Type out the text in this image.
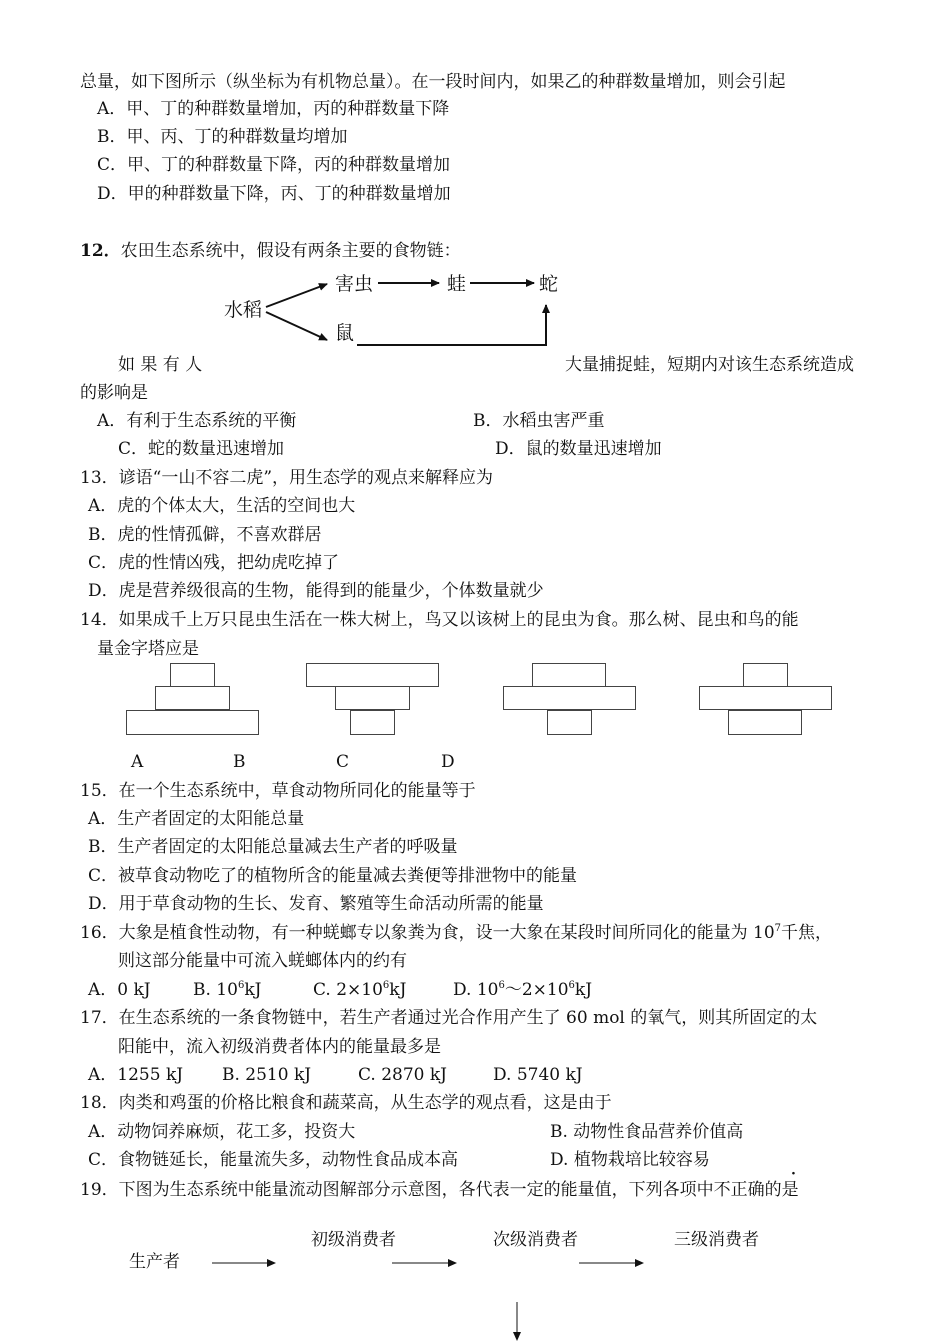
总量，如下图所示（纵坐标为有机物总量）。在一段时间内，如果乙的种群数量增加，则会引起
A．甲、丁的种群数量增加，丙的种群数量下降
B．甲、丙、丁的种群数量均增加
C．甲、丁的种群数量下降，丙的种群数量增加
D．甲的种群数量下降，丙、丁的种群数量增加
12．农田生态系统中，假设有两条主要的食物链：
水稻
害虫	蛙	蛇
鼠
如 果 有 人	大量捕捉蛙，短期内对该生态系统造成
的影响是
A．有利于生态系统的平衡	B．水稻虫害严重
C．蛇的数量迅速增加	D．鼠的数量迅速增加
13．谚语“一山不容二虎”，用生态学的观点来解释应为
A．虎的个体太大，生活的空间也大
B．虎的性情孤僻，不喜欢群居
C．虎的性情凶残，把幼虎吃掉了
D．虎是营养级很高的生物，能得到的能量少，个体数量就少
14．如果成千上万只昆虫生活在一株大树上，鸟又以该树上的昆虫为食。那么树、昆虫和鸟的能
量金字塔应是
A	B	C	D
15．在一个生态系统中，草食动物所同化的能量等于
A．生产者固定的太阳能总量
B．生产者固定的太阳能总量减去生产者的呼吸量
C．被草食动物吃了的植物所含的能量减去粪便等排泄物中的能量
D．用于草食动物的生长、发育、繁殖等生命活动所需的能量
16．大象是植食性动物，有一种蜣螂专以象粪为食，设一大象在某段时间所同化的能量为 $10^7$千焦，
则这部分能量中可流入蜣螂体内的约有
A．0 kJ B. $10^6kJ$	C. $2\times 10^6kJ$	D. $10^6\sim 2\times 10^6kJ$
17．在生态系统的一条食物链中，若生产者通过光合作用产生了 60 mol 的氧气，则其所固定的太
阳能中，流入初级消费者体内的能量最多是
A．1255 kJ B. 2510 kJ	C. 2870 kJ	D. 5740 kJ
18．肉类和鸡蛋的价格比粮食和蔬菜高，从生态学的观点看，这是由于
A．动物饲养麻烦，花工多，投资大	B. 动物性食品营养价值高
C．食物链延长，能量流失多，动物性食品成本高	D. 植物栽培比较容易
·
19．下图为生态系统中能量流动图解部分示意图，各代表一定的能量值，下列各项中不正确的是
初级消费者	次级消费者	三级消费者
生产者
